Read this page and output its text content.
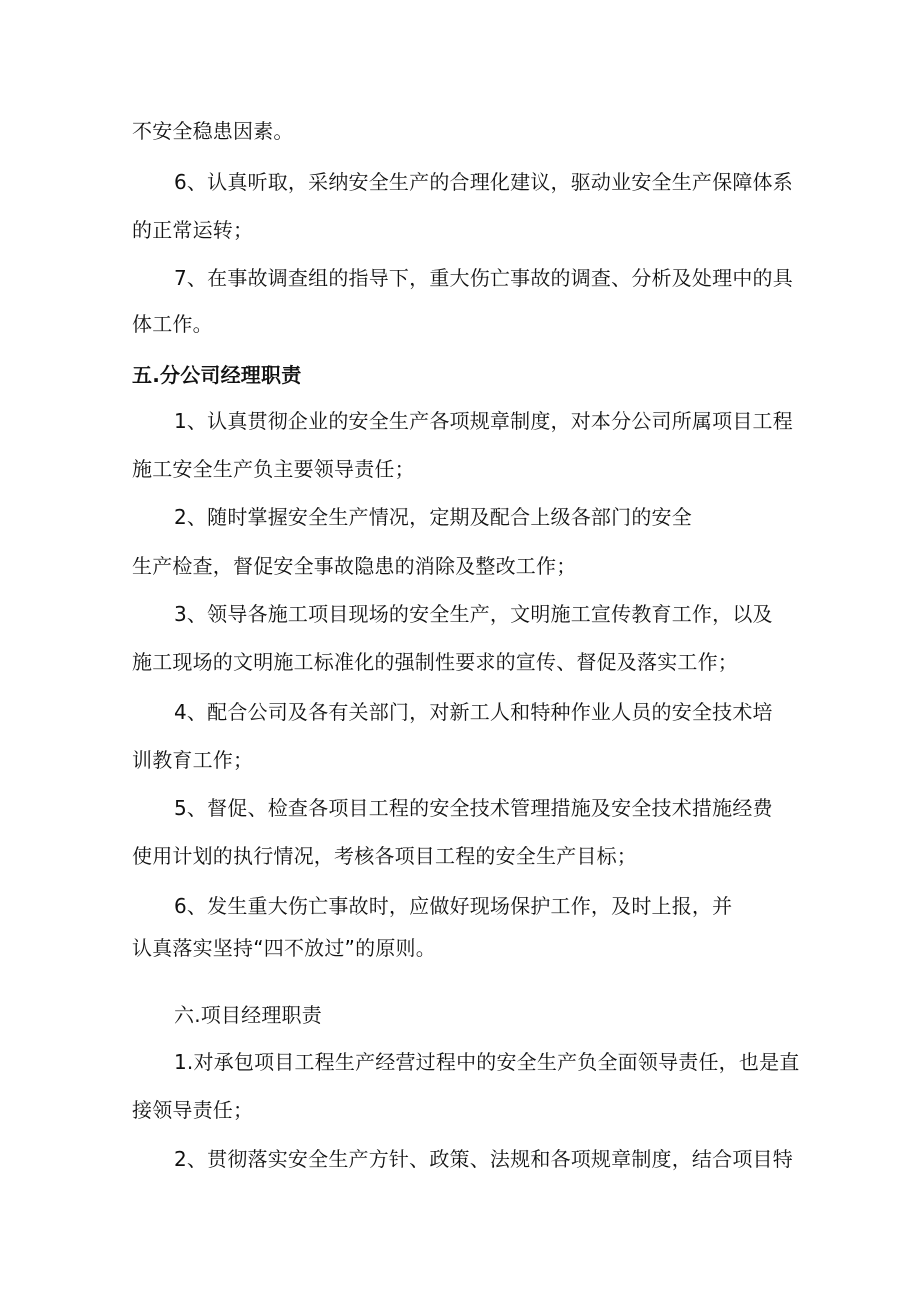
不安全稳患因素。
6、认真听取，采纳安全生产的合理化建议，驱动业安全生产保障体系
的正常运转；
7、在事故调查组的指导下，重大伤亡事故的调查、分析及处理中的具
体工作。
五.分公司经理职责
1、认真贯彻企业的安全生产各项规章制度，对本分公司所属项目工程
施工安全生产负主要领导责任；
2、随时掌握安全生产情况，定期及配合上级各部门的安全
生产检查，督促安全事故隐患的消除及整改工作；
3、领导各施工项目现场的安全生产，文明施工宣传教育工作，以及
施工现场的文明施工标准化的强制性要求的宣传、督促及落实工作；
4、配合公司及各有关部门，对新工人和特种作业人员的安全技术培
训教育工作；
5、督促、检查各项目工程的安全技术管理措施及安全技术措施经费
使用计划的执行情况，考核各项目工程的安全生产目标；
6、发生重大伤亡事故时，应做好现场保护工作，及时上报，并
认真落实坚持“四不放过”的原则。
六.项目经理职责
1.对承包项目工程生产经营过程中的安全生产负全面领导责任，也是直
接领导责任；
2、贯彻落实安全生产方针、政策、法规和各项规章制度，结合项目特
